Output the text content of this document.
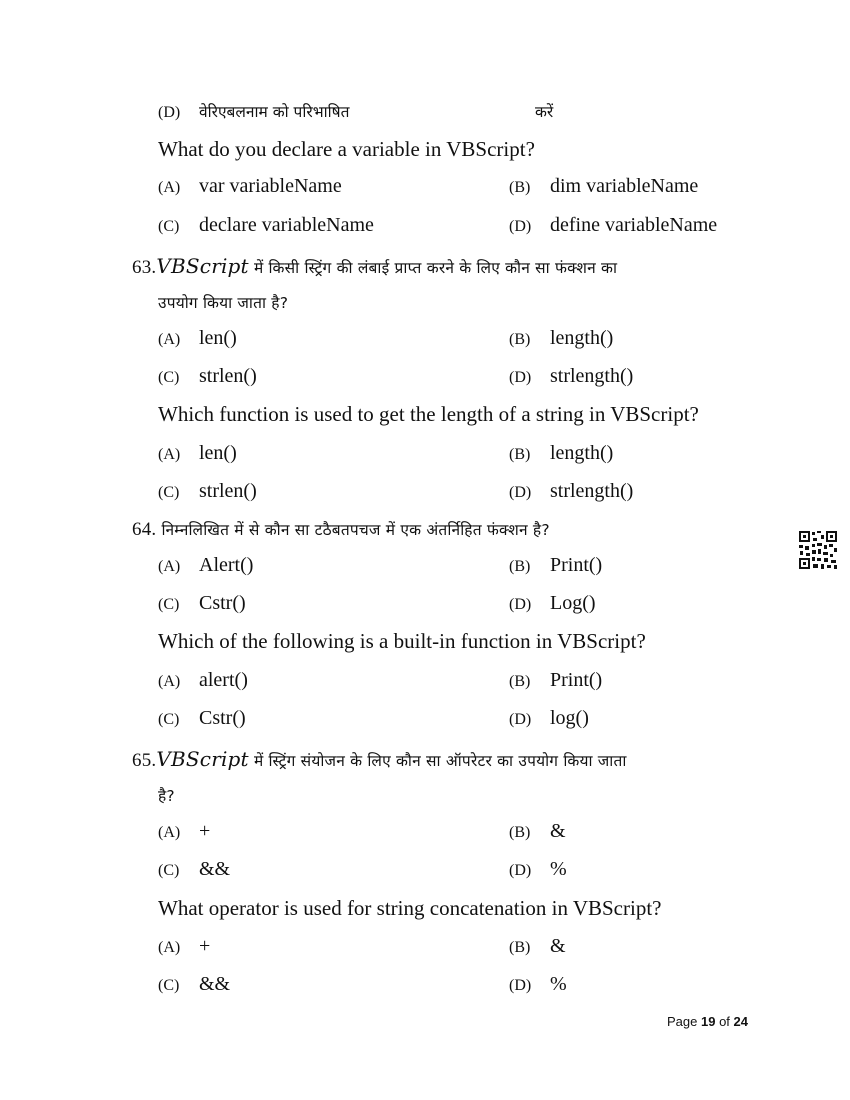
(D) वेरिएबलनाम को परिभाषित	करें
What do you declare a variable in VBScript?
(A) var variableName	(B) dim variableName
(C) declare variableName	(D) define variableName
63.VBScript में किसी स्ट्रिंग की लंबाई प्राप्त करने के लिए कौन सा फंक्शन का
उपयोग किया जाता है?
(A) len()	(B) length()
(C) strlen()	(D) strlength()
Which function is used to get the length of a string in VBScript?
(A) len()	(B) length()
(C) strlen()	(D) strlength()
64. निम्नलिखित में से कौन सा टठैबतपचज में एक अंतर्निहित फंक्शन है?
(A) Alert()	(B) Print()
(C) Cstr()	(D) Log()
Which of the following is a built-in function in VBScript?
(A) alert()	(B) Print()
(C) Cstr()	(D) log()
65.VBScript में स्ट्रिंग संयोजन के लिए कौन सा ऑपरेटर का उपयोग किया जाता
है?
(A) +	(B) &
(C) &&	(D) %
What operator is used for string concatenation in VBScript?
(A) +	(B) &
(C) &&	(D) %
Page 19 of 24
